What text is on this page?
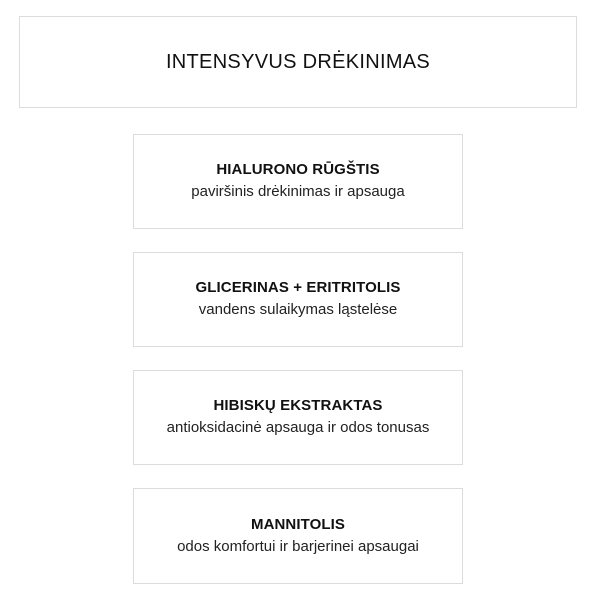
INTENSYVUS DRĖKINIMAS

HIALURONO RŪGŠTIS

paviršinis drėkinimas ir apsauga

GLICERINAS + ERITRITOLIS

vandens sulaikymas ląstelėse

HIBISKŲ EKSTRAKTAS

antioksidacinė apsauga ir odos tonusas

MANNITOLIS

odos komfortui ir barjerinei apsaugai
